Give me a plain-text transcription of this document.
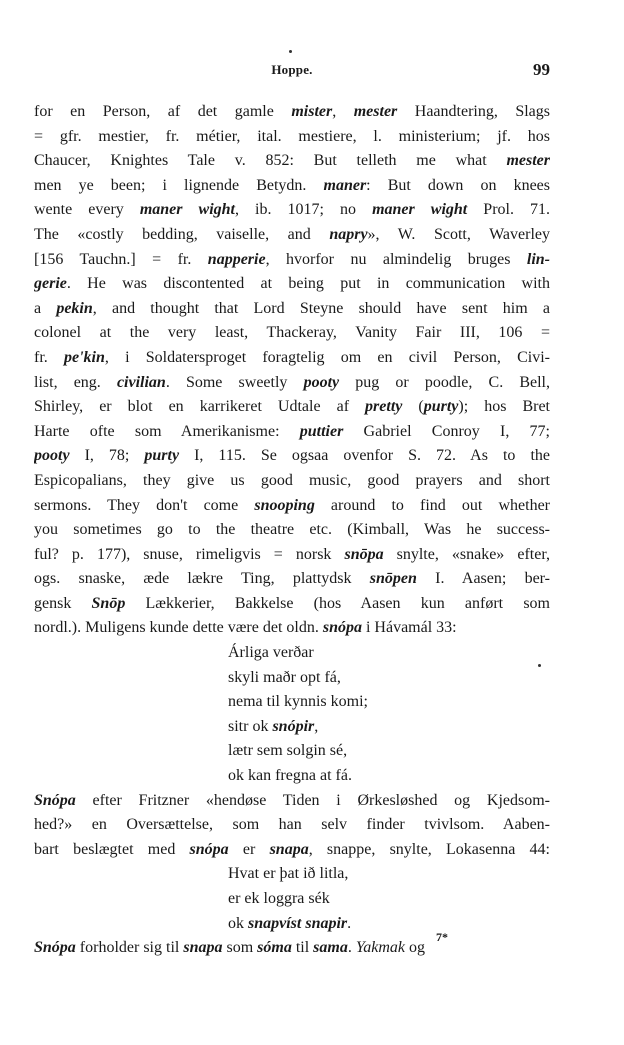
Hoppe.	99
for en Person, af det gamle mister, mester Haandtering, Slags
= gfr. mestier, fr. métier, ital. mestiere, l. ministerium; jf. hos
Chaucer, Knightes Tale v. 852: But telleth me what mester
men ye been; i lignende Betydn. maner: But down on knees
wente every maner wight, ib. 1017; no maner wight Prol. 71.
The «costly bedding, vaiselle, and napry», W. Scott, Waverley
[156 Tauchn.] = fr. napperie, hvorfor nu almindelig bruges lin-
gerie. He was discontented at being put in communication with
a pekin, and thought that Lord Steyne should have sent him a
colonel at the very least, Thackeray, Vanity Fair III, 106 =
fr. pe'kin, i Soldatersproget foragtelig om en civil Person, Civi-
list, eng. civilian. Some sweetly pooty pug or poodle, C. Bell,
Shirley, er blot en karrikeret Udtale af pretty (purty); hos Bret
Harte ofte som Amerikanisme: puttier Gabriel Conroy I, 77;
pooty I, 78; purty I, 115. Se ogsaa ovenfor S. 72. As to the
Espicopalians, they give us good music, good prayers and short
sermons. They don't come snooping around to find out whether
you sometimes go to the theatre etc. (Kimball, Was he success-
ful? p. 177), snuse, rimeligvis = norsk snōpa snylte, «snake» efter,
ogs. snaske, æde lækre Ting, plattydsk snōpen I. Aasen; ber-
gensk Snōp Lækkerier, Bakkelse (hos Aasen kun anført som
nordl.). Muligens kunde dette være det oldn. snópa i Hávamál 33:
Árliga verðar
skyli maðr opt fá,
nema til kynnis komi;
sitr ok snópir,
lætr sem solgin sé,
ok kan fregna at fá.
Snópa efter Fritzner «hendøse Tiden i Ørkesløshed og Kjedsom-
hed?» en Oversættelse, som han selv finder tvivlsom. Aaben-
bart beslægtet med snópa er snapa, snappe, snylte, Lokasenna 44:
Hvat er þat ið litla,
er ek loggra sék
ok snapvíst snapir.
Snópa forholder sig til snapa som sóma til sama. Yakmak og
7*
